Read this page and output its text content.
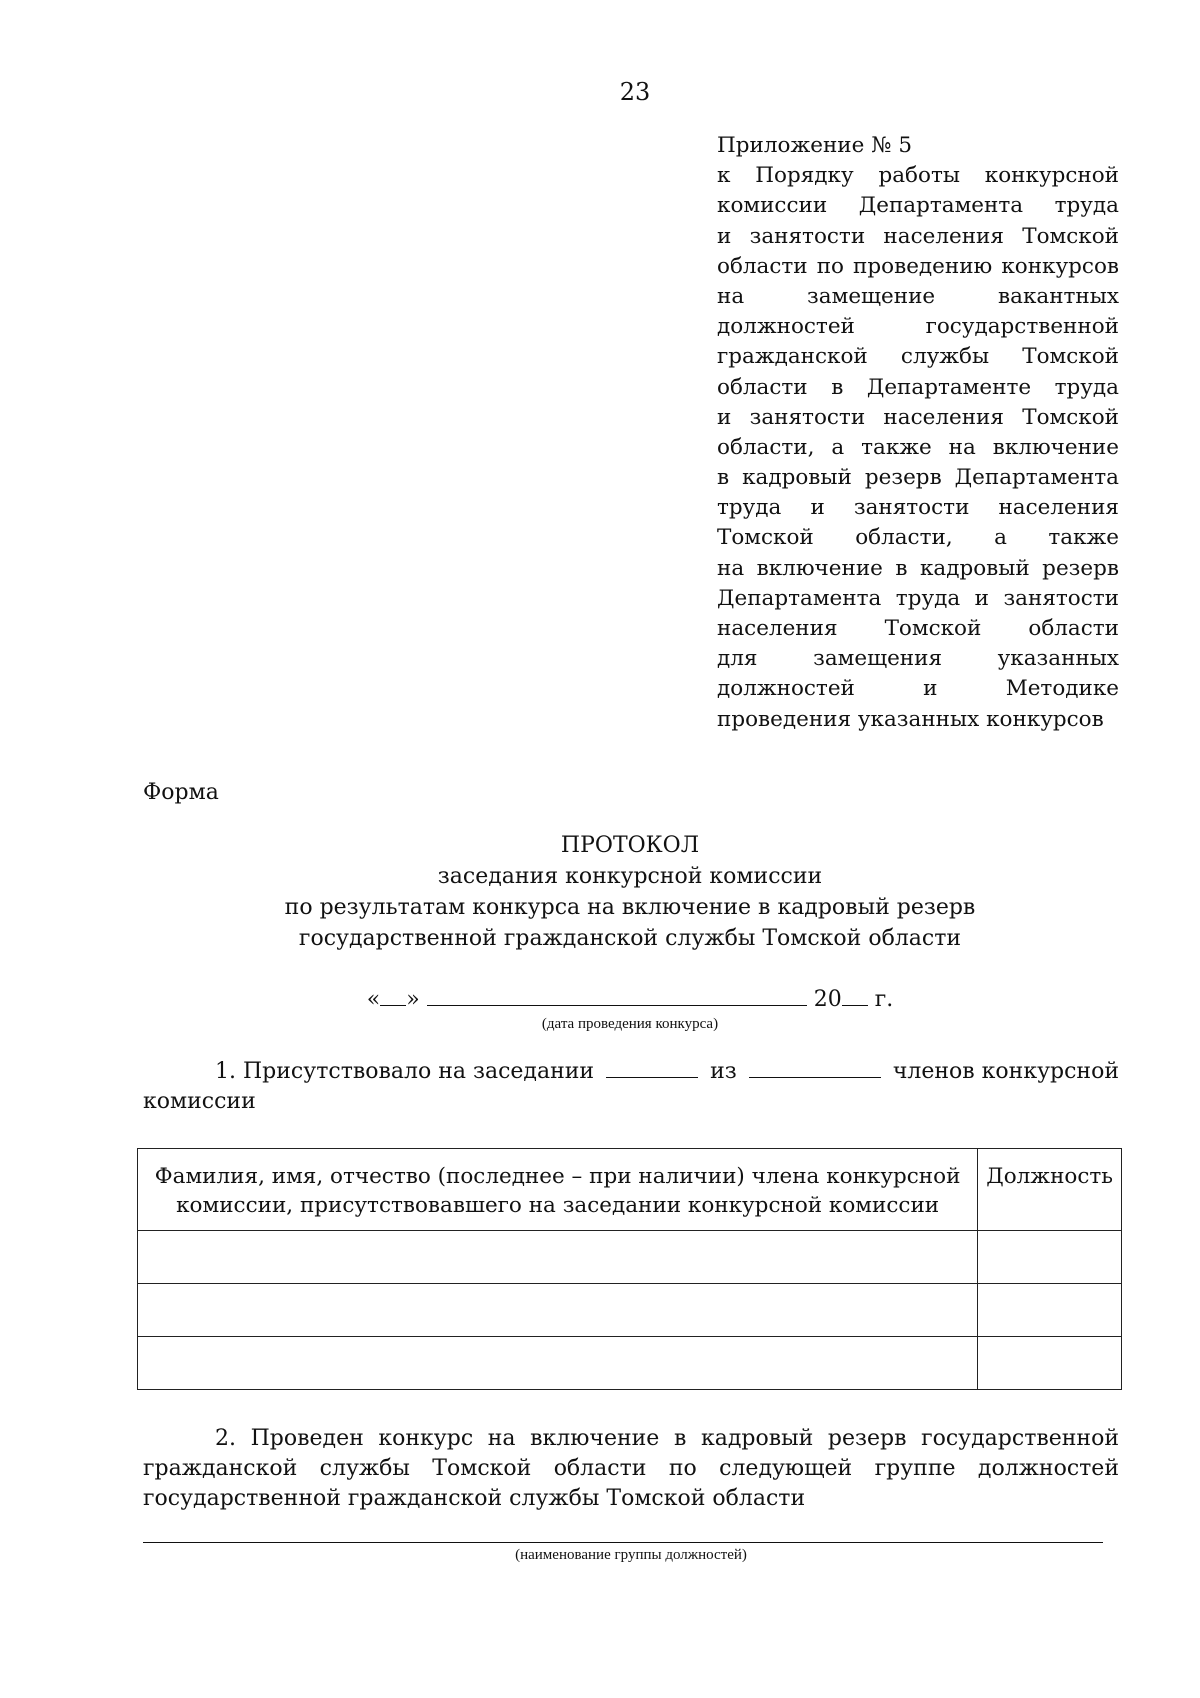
23
Приложение № 5
к Порядку работы конкурсной
комиссии Департамента труда
и занятости населения Томской
области по проведению конкурсов
на замещение вакантных
должностей государственной
гражданской службы Томской
области в Департаменте труда
и занятости населения Томской
области, а также на включение
в кадровый резерв Департамента
труда и занятости населения
Томской области, а также
на включение в кадровый резерв
Департамента труда и занятости
населения Томской области
для замещения указанных
должностей и Методике
проведения указанных конкурсов
Форма
ПРОТОКОЛ
заседания конкурсной комиссии
по результатам конкурса на включение в кадровый резерв
государственной гражданской службы Томской области
« »	20 г.
(дата проведения конкурса)
1. Присутствовало на заседании	из	членов конкурсной
комиссии
Фамилия, имя, отчество (последнее – при наличии) члена конкурсной комиссии, присутствовавшего на заседании конкурсной комиссии	Должность

2. Проведен конкурс на включение в кадровый резерв государственной
гражданской службы Томской области по следующей группе должностей
государственной гражданской службы Томской области
(наименование группы должностей)
